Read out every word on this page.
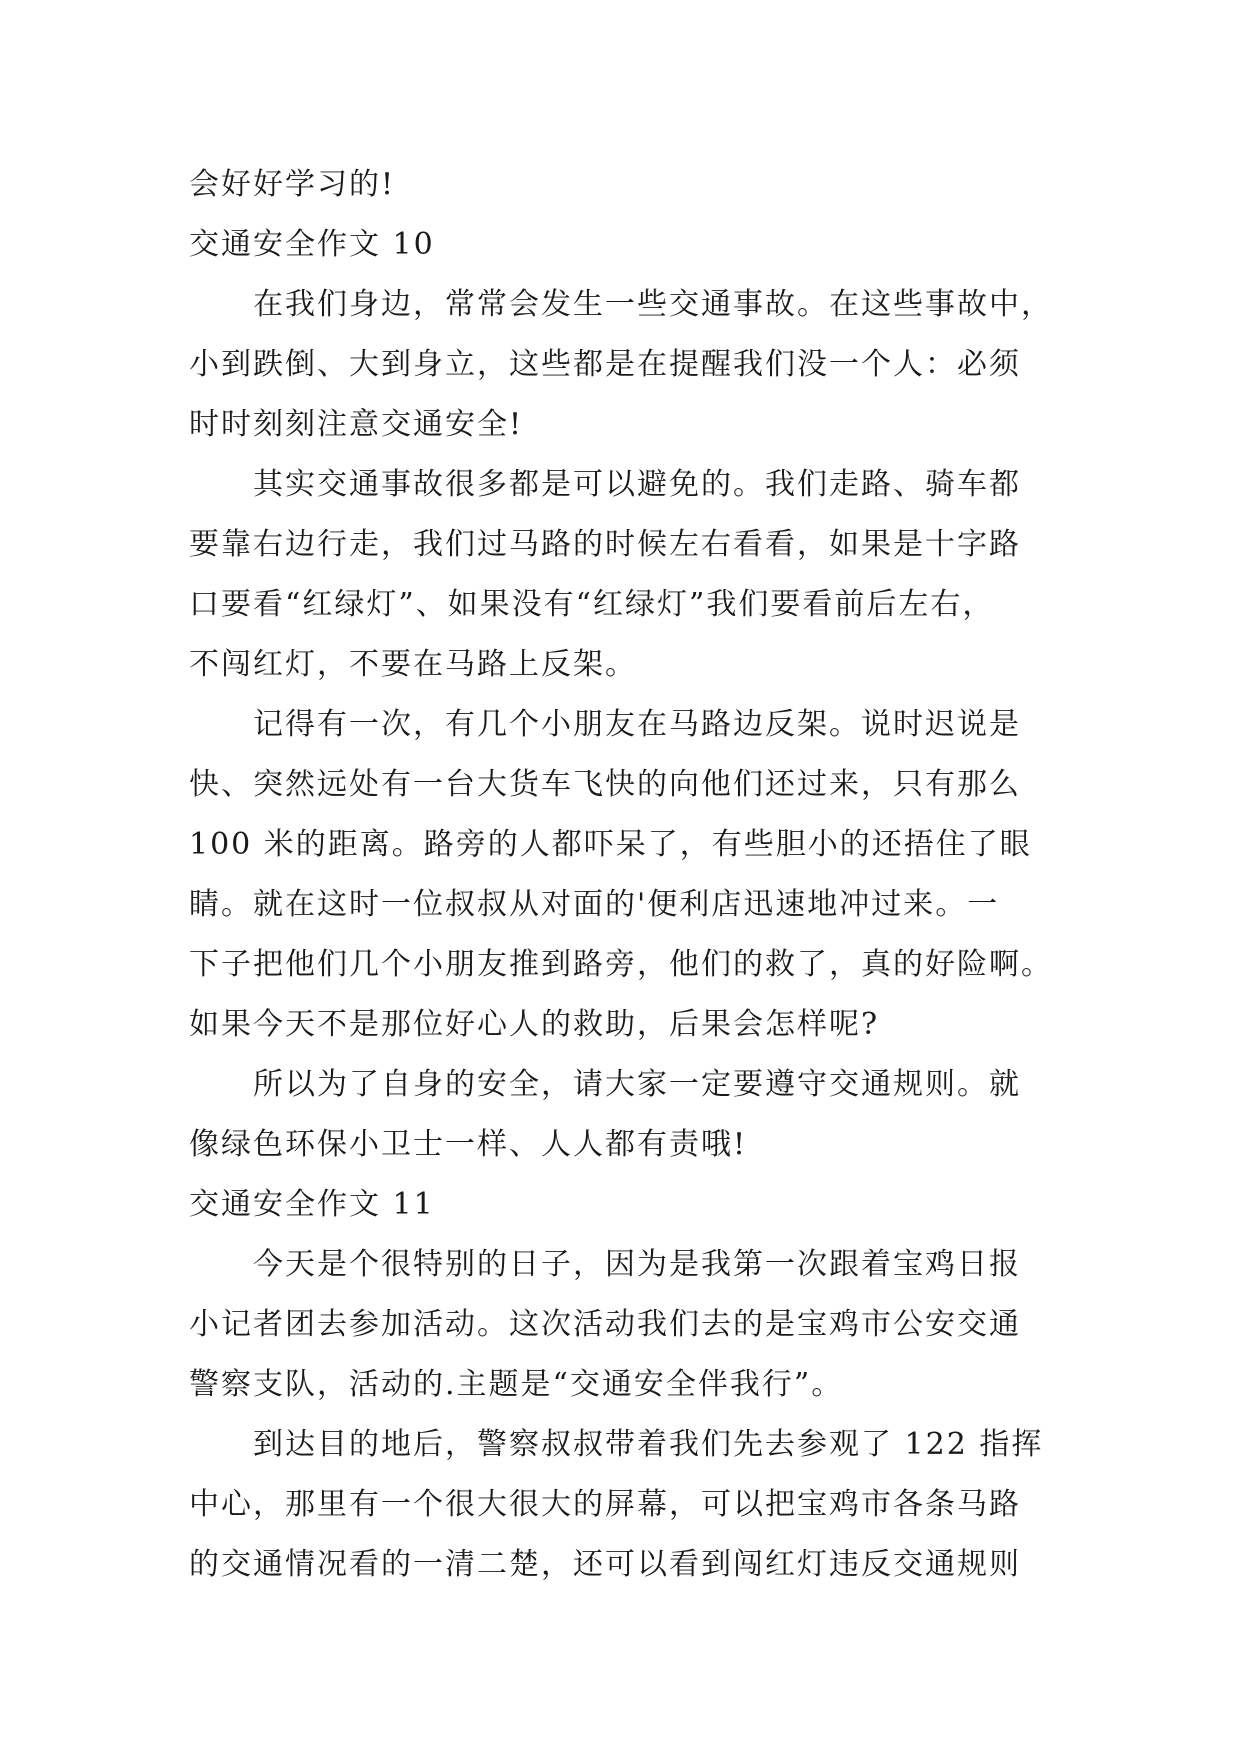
会好好学习的!
交通安全作文 10
在我们身边，常常会发生一些交通事故。在这些事故中，
小到跌倒、大到身立，这些都是在提醒我们没一个人：必须
时时刻刻注意交通安全!
其实交通事故很多都是可以避免的。我们走路、骑车都
要靠右边行走，我们过马路的时候左右看看，如果是十字路
口要看“红绿灯”、如果没有“红绿灯”我们要看前后左右，
不闯红灯，不要在马路上反架。
记得有一次，有几个小朋友在马路边反架。说时迟说是
快、突然远处有一台大货车飞快的向他们还过来，只有那么
100 米的距离。路旁的人都吓呆了，有些胆小的还捂住了眼
睛。就在这时一位叔叔从对面的'便利店迅速地冲过来。一
下子把他们几个小朋友推到路旁，他们的救了，真的好险啊。
如果今天不是那位好心人的救助，后果会怎样呢?
所以为了自身的安全，请大家一定要遵守交通规则。就
像绿色环保小卫士一样、人人都有责哦!
交通安全作文 11
今天是个很特别的日子，因为是我第一次跟着宝鸡日报
小记者团去参加活动。这次活动我们去的是宝鸡市公安交通
警察支队，活动的.主题是“交通安全伴我行”。
到达目的地后，警察叔叔带着我们先去参观了 122 指挥
中心，那里有一个很大很大的屏幕，可以把宝鸡市各条马路
的交通情况看的一清二楚，还可以看到闯红灯违反交通规则
